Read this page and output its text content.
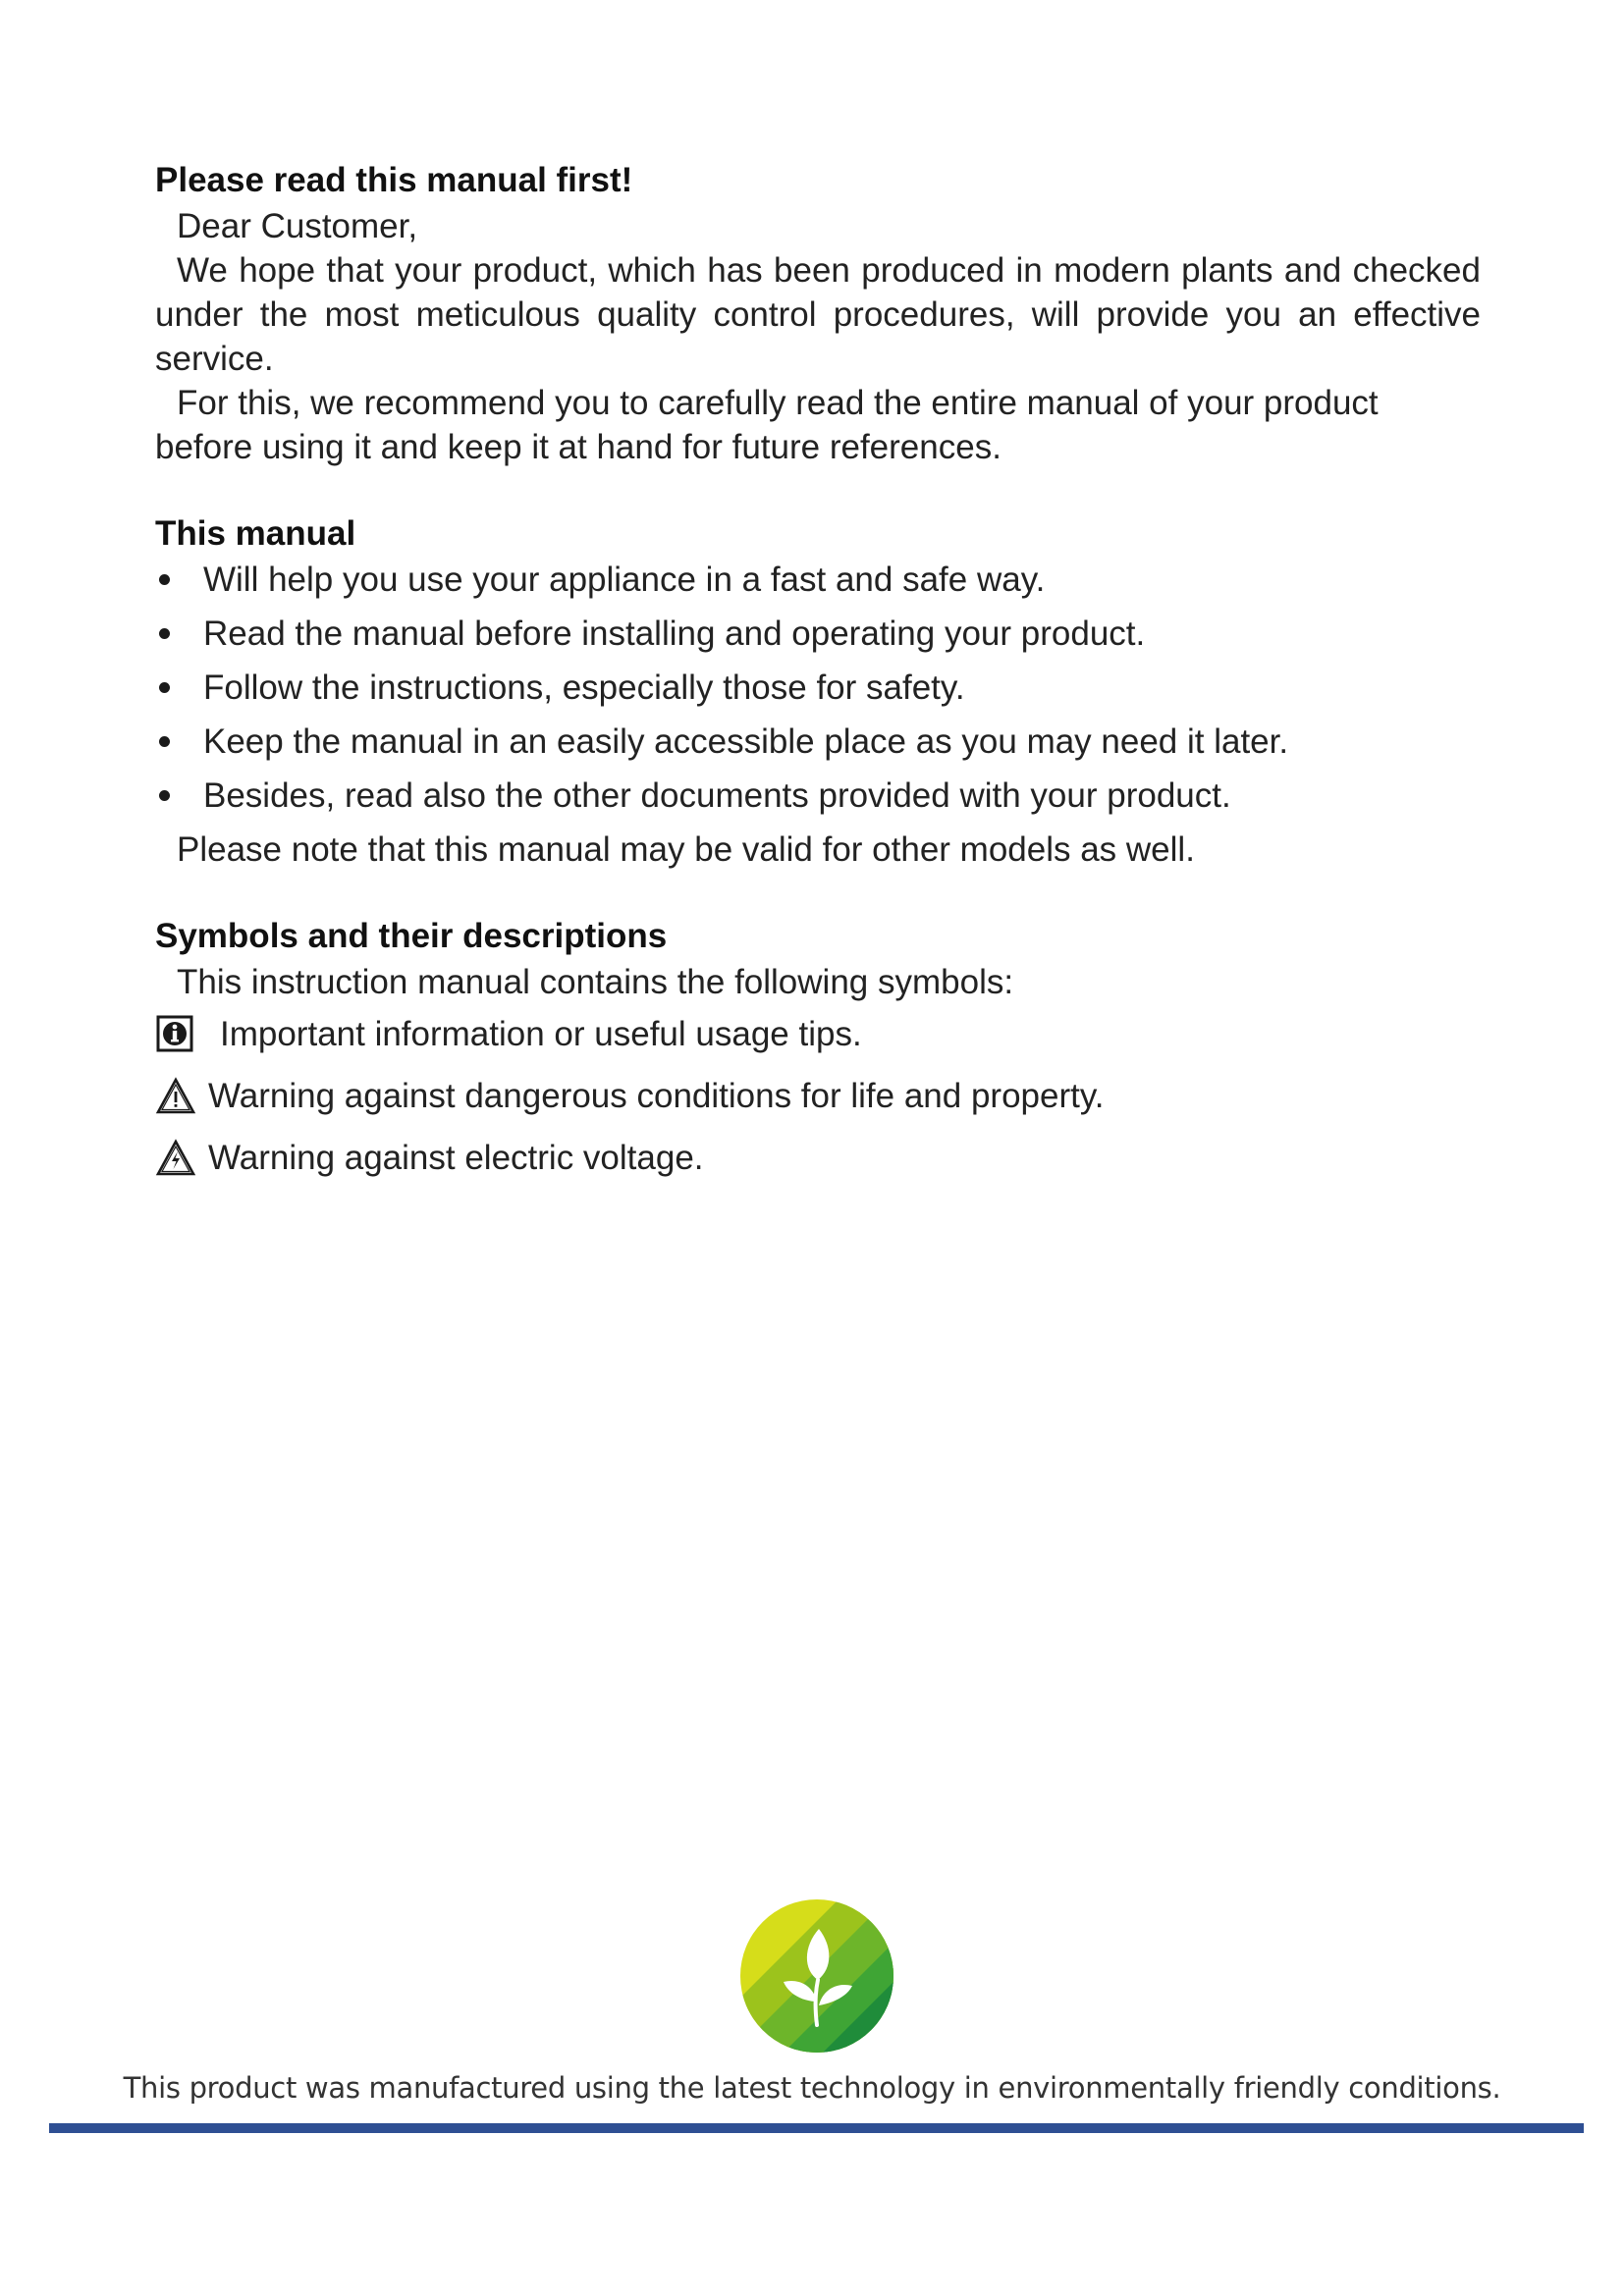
Please read this manual first!

Dear Customer,

We hope that your product, which has been produced in modern plants and checked under the most meticulous quality control procedures, will provide you an effective service.

For this, we recommend you to carefully read the entire manual of your product before using it and keep it at hand for future references.

This manual
Will help you use your appliance in a fast and safe way.
Read the manual before installing and operating your product.
Follow the instructions, especially those for safety.
Keep the manual in an easily accessible place as you may need it later.
Besides, read also the other documents provided with your product.

Please note that this manual may be valid for other models as well.

Symbols and their descriptions

This instruction manual contains the following symbols:

Important information or useful usage tips.
Warning against dangerous conditions for life and property.
Warning against electric voltage.
This product was manufactured using the latest technology in environmentally friendly conditions.
